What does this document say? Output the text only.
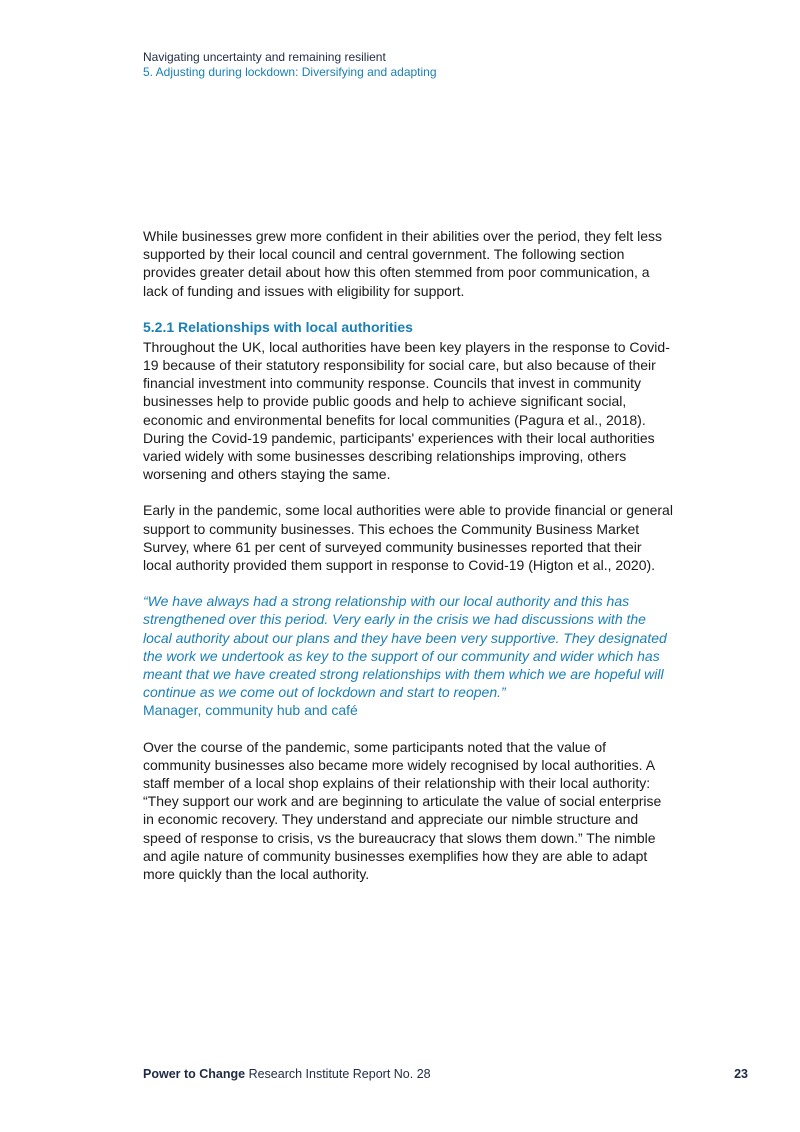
Navigating uncertainty and remaining resilient
5. Adjusting during lockdown: Diversifying and adapting

While businesses grew more confident in their abilities over the period, they felt less supported by their local council and central government. The following section provides greater detail about how this often stemmed from poor communication, a lack of funding and issues with eligibility for support.

5.2.1 Relationships with local authorities

Throughout the UK, local authorities have been key players in the response to Covid-19 because of their statutory responsibility for social care, but also because of their financial investment into community response. Councils that invest in community businesses help to provide public goods and help to achieve significant social, economic and environmental benefits for local communities (Pagura et al., 2018). During the Covid-19 pandemic, participants' experiences with their local authorities varied widely with some businesses describing relationships improving, others worsening and others staying the same.

Early in the pandemic, some local authorities were able to provide financial or general support to community businesses. This echoes the Community Business Market Survey, where 61 per cent of surveyed community businesses reported that their local authority provided them support in response to Covid-19 (Higton et al., 2020).

“We have always had a strong relationship with our local authority and this has strengthened over this period. Very early in the crisis we had discussions with the local authority about our plans and they have been very supportive. They designated the work we undertook as key to the support of our community and wider which has meant that we have created strong relationships with them which we are hopeful will continue as we come out of lockdown and start to reopen.”
Manager, community hub and café

Over the course of the pandemic, some participants noted that the value of community businesses also became more widely recognised by local authorities. A staff member of a local shop explains of their relationship with their local authority: “They support our work and are beginning to articulate the value of social enterprise in economic recovery. They understand and appreciate our nimble structure and speed of response to crisis, vs the bureaucracy that slows them down.” The nimble and agile nature of community businesses exemplifies how they are able to adapt more quickly than the local authority.

Power to Change Research Institute Report No. 28	23
